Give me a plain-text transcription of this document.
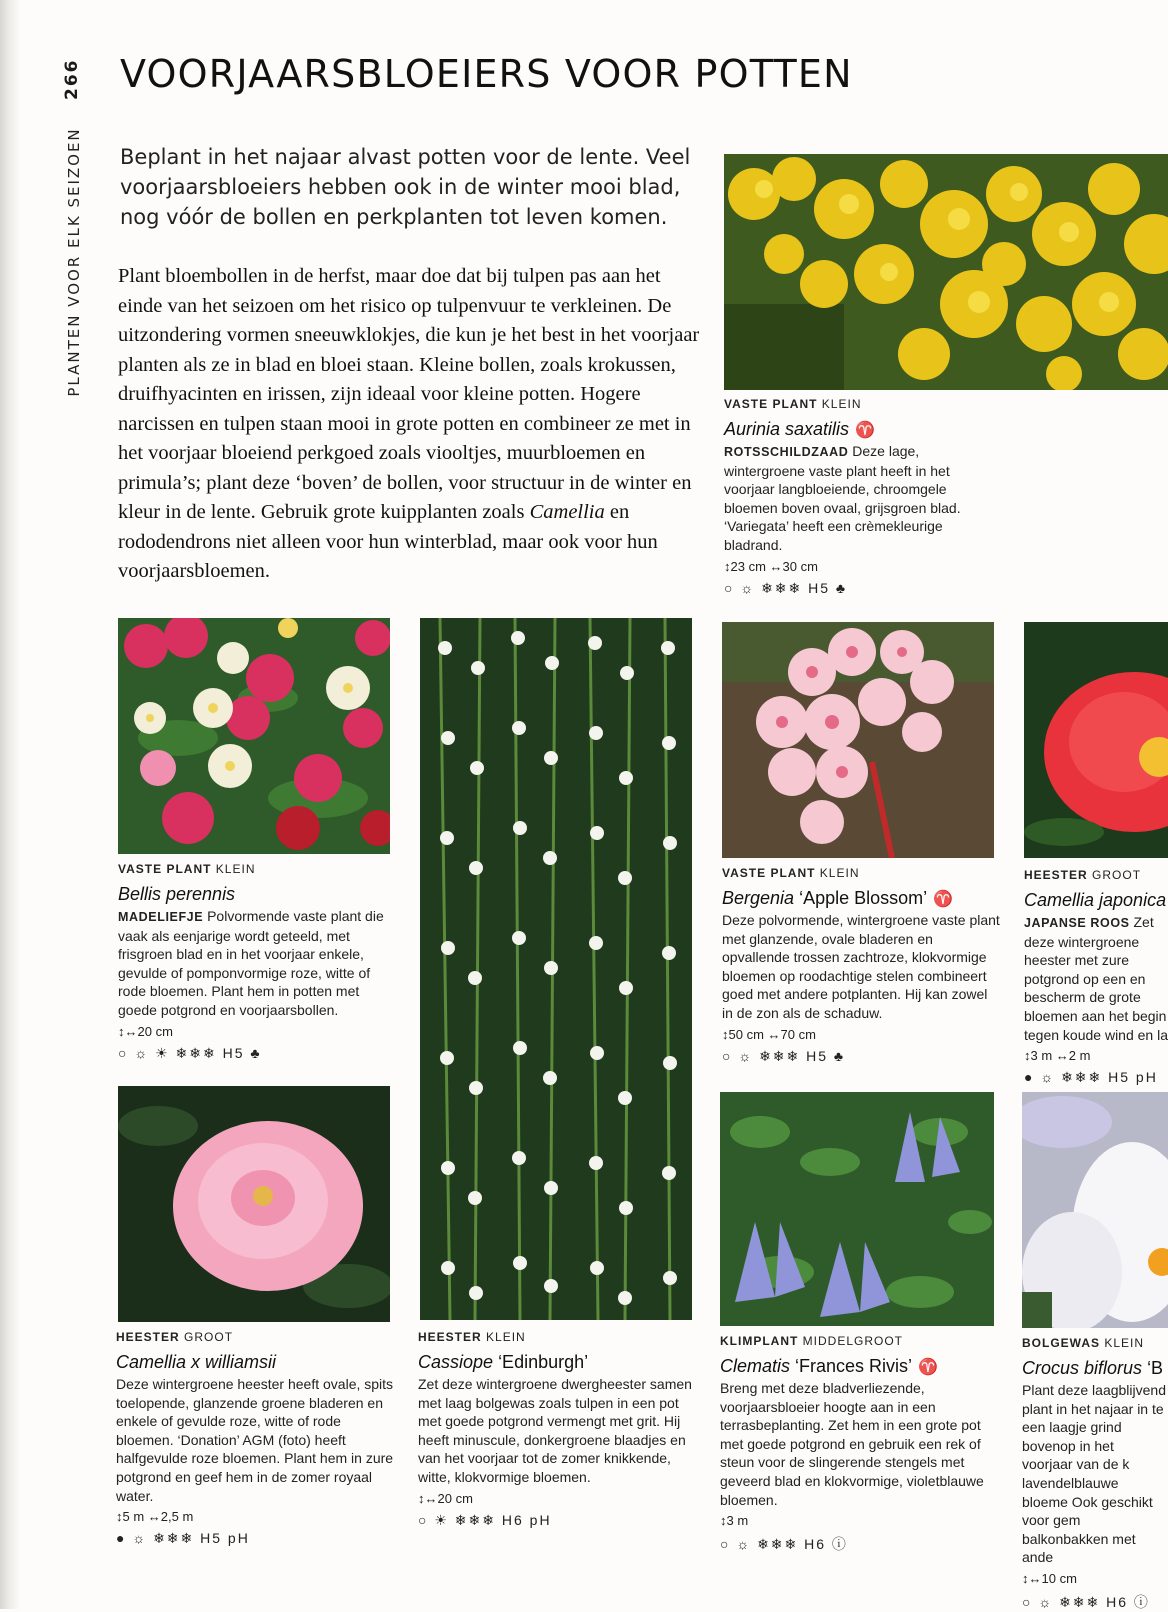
266
PLANTEN VOOR ELK SEIZOEN
VOORJAARSBLOEIERS VOOR POTTEN

Beplant in het najaar alvast potten voor de lente. Veel voorjaarsbloeiers hebben ook in de winter mooi blad, nog vóór de bollen en perkplanten tot leven komen.

Plant bloembollen in de herfst, maar doe dat bij tulpen pas aan het einde van het seizoen om het risico op tulpenvuur te verkleinen. De uitzondering vormen sneeuwklokjes, die kun je het best in het voorjaar planten als ze in blad en bloei staan. Kleine bollen, zoals krokussen, druifhyacinten en irissen, zijn ideaal voor kleine potten. Hogere narcissen en tulpen staan mooi in grote potten en combineer ze met in het voorjaar bloeiend perkgoed zoals viooltjes, muurbloemen en primula’s; plant deze ‘boven’ de bollen, voor structuur in de winter en kleur in de lente. Gebruik grote kuipplanten zoals Camellia en rododendrons niet alleen voor hun winterblad, maar ook voor hun voorjaarsbloemen.

VASTE PLANT KLEIN
Aurinia saxatilis ♈
ROTSSCHILDZAAD Deze lage, wintergroene vaste plant heeft in het voorjaar langbloeiende, chroomgele bloemen boven ovaal, grijsgroen blad. ‘Variegata’ heeft een crèmekleurige bladrand.
↕23 cm ↔30 cm
○ ☼ ❄❄❄ H5 ♣
VASTE PLANT KLEIN
Bellis perennis
MADELIEFJE Polvormende vaste plant die vaak als eenjarige wordt geteeld, met frisgroen blad en in het voorjaar enkele, gevulde of pomponvormige roze, witte of rode bloemen. Plant hem in potten met goede potgrond en voorjaarsbollen.
↕↔20 cm
○ ☼ ☀ ❄❄❄ H5 ♣
VASTE PLANT KLEIN
Bergenia ‘Apple Blossom’ ♈
Deze polvormende, wintergroene vaste plant met glanzende, ovale bladeren en opvallende trossen zachtroze, klokvormige bloemen op roodachtige stelen combineert goed met andere potplanten. Hij kan zowel in de zon als de schaduw.
↕50 cm ↔70 cm
○ ☼ ❄❄❄ H5 ♣
HEESTER GROOT
Camellia japonica
JAPANSE ROOS Zet deze wintergroene heester met zure potgrond op een en bescherm de grote bloemen aan het begin tegen koude wind en la
↕3 m ↔2 m
● ☼ ❄❄❄ H5 pH
HEESTER GROOT
Camellia x williamsii
Deze wintergroene heester heeft ovale, spits toelopende, glanzende groene bladeren en enkele of gevulde roze, witte of rode bloemen. ‘Donation’ AGM (foto) heeft halfgevulde roze bloemen. Plant hem in zure potgrond en geef hem in de zomer royaal water.
↕5 m ↔2,5 m
● ☼ ❄❄❄ H5 pH
HEESTER KLEIN
Cassiope ‘Edinburgh’
Zet deze wintergroene dwergheester samen met laag bolgewas zoals tulpen in een pot met goede potgrond vermengt met grit. Hij heeft minuscule, donkergroene blaadjes en van het voorjaar tot de zomer knikkende, witte, klokvormige bloemen.
↕↔20 cm
○ ☀ ❄❄❄ H6 pH
KLIMPLANT MIDDELGROOT
Clematis ‘Frances Rivis’ ♈
Breng met deze bladverliezende, voorjaarsbloeier hoogte aan in een terrasbeplanting. Zet hem in een grote pot met goede potgrond en gebruik een rek of steun voor de slingerende stengels met geveerd blad en klokvormige, violetblauwe bloemen.
↕3 m
○ ☼ ❄❄❄ H6 ⓘ
BOLGEWAS KLEIN
Crocus biflorus ‘B
Plant deze laagblijvend plant in het najaar in te een laagje grind bovenop in het voorjaar van de k lavendelblauwe bloeme Ook geschikt voor gem balkonbakken met ande
↕↔10 cm
○ ☼ ❄❄❄ H6 ⓘ
